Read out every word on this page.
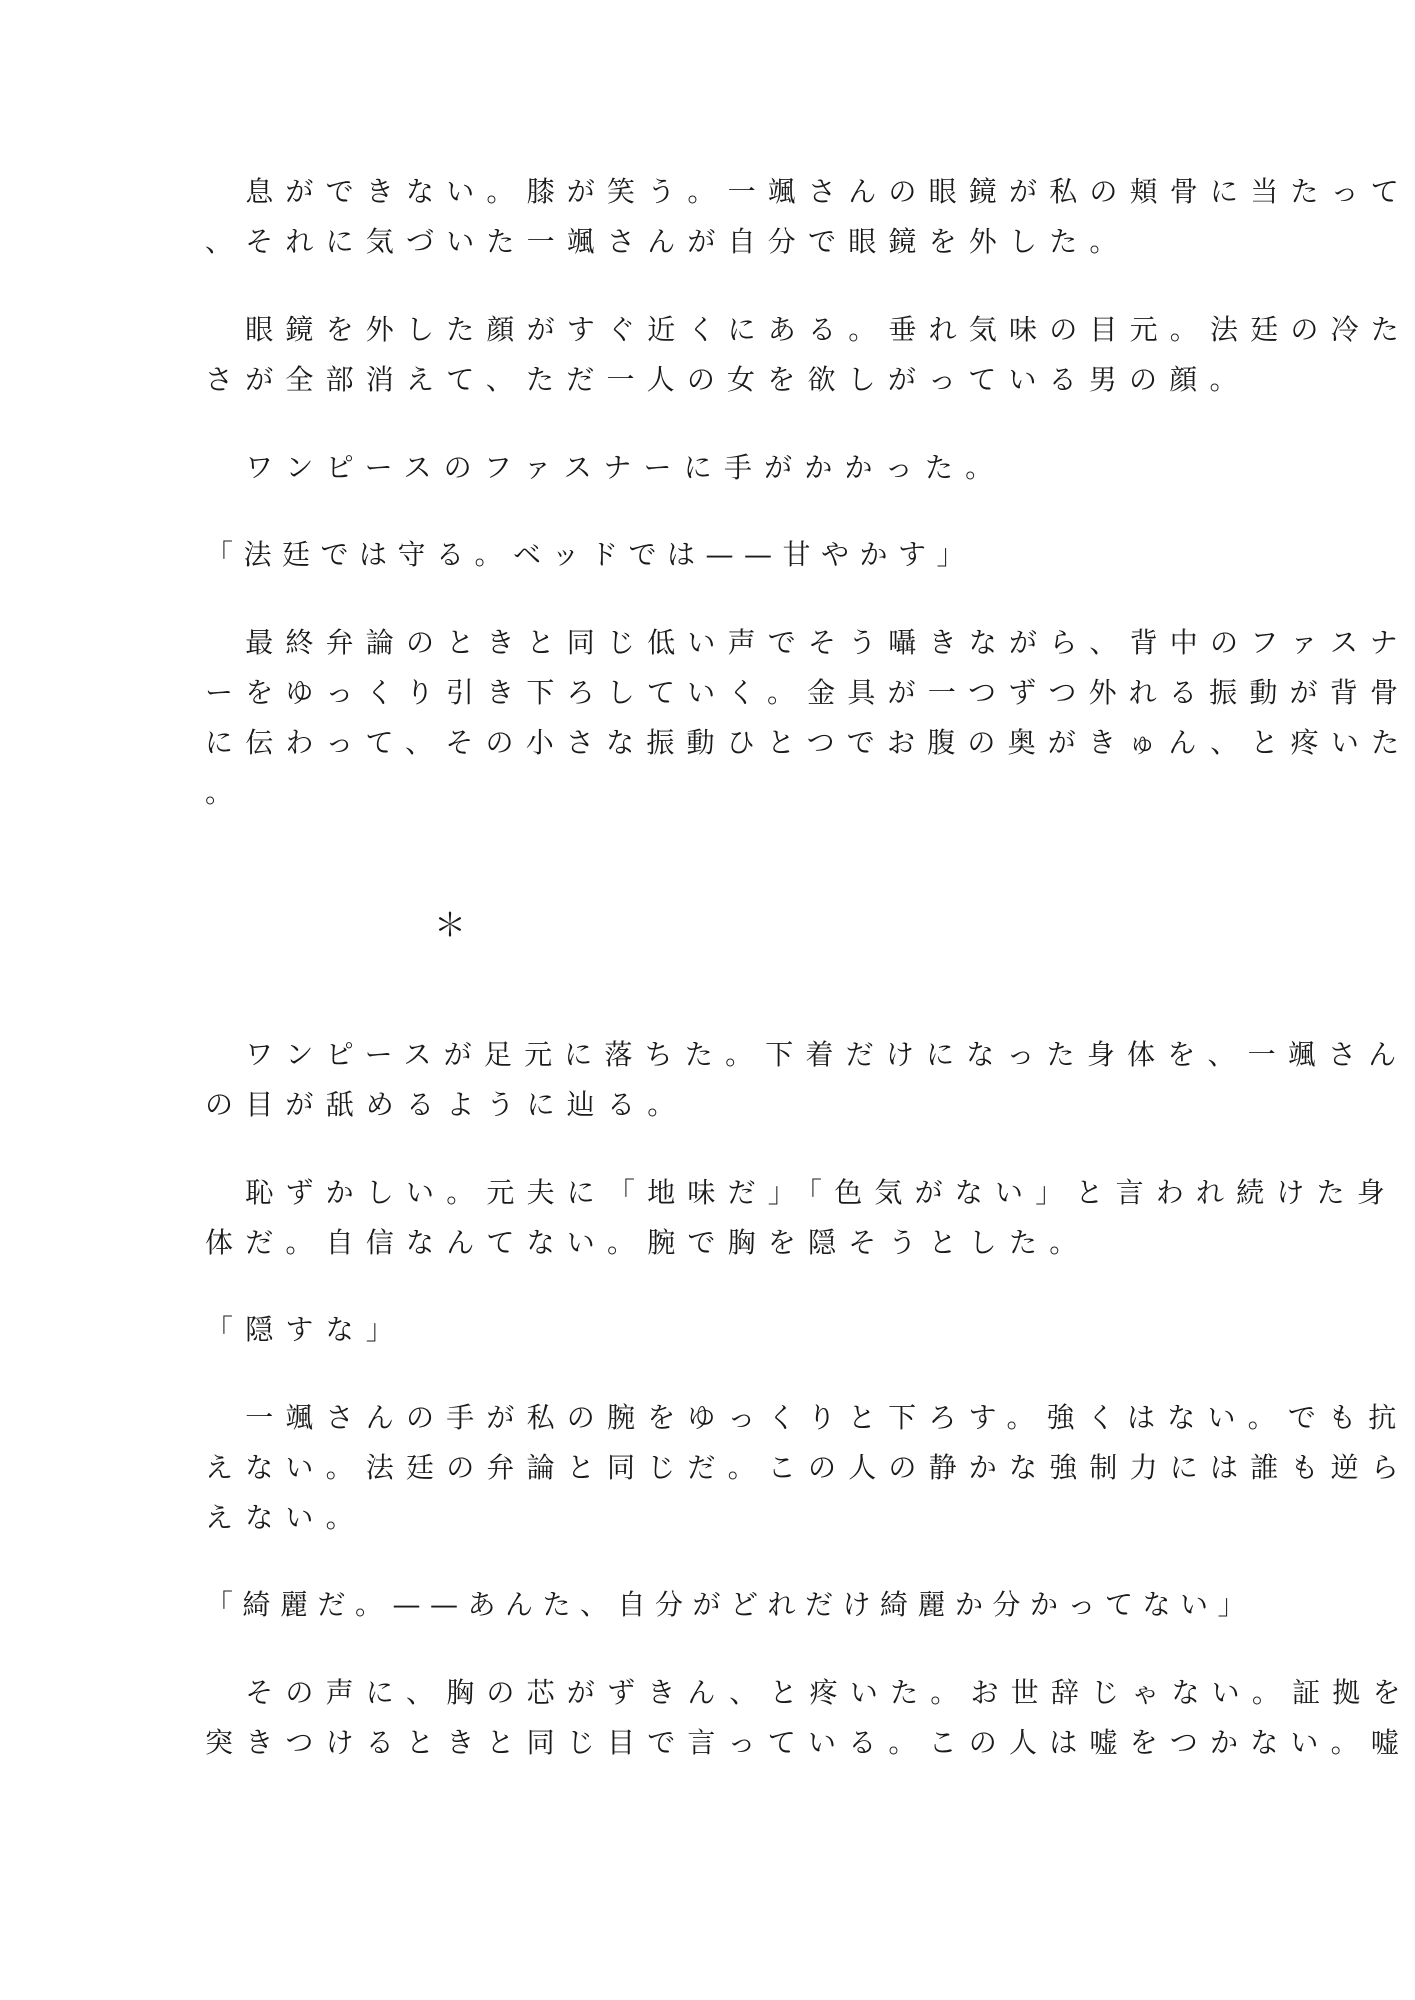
　息ができない。膝が笑う。一颯さんの眼鏡が私の頬骨に当たって
、それに気づいた一颯さんが自分で眼鏡を外した。
　眼鏡を外した顔がすぐ近くにある。垂れ気味の目元。法廷の冷た
さが全部消えて、ただ一人の女を欲しがっている男の顔。
　ワンピースのファスナーに手がかかった。
「法廷では守る。ベッドでは——甘やかす」
　最終弁論のときと同じ低い声でそう囁きながら、背中のファスナ
ーをゆっくり引き下ろしていく。金具が一つずつ外れる振動が背骨
に伝わって、その小さな振動ひとつでお腹の奥がきゅん、と疼いた
。
＊
　ワンピースが足元に落ちた。下着だけになった身体を、一颯さん
の目が舐めるように辿る。
　恥ずかしい。元夫に「地味だ」「色気がない」と言われ続けた身
体だ。自信なんてない。腕で胸を隠そうとした。
「隠すな」
　一颯さんの手が私の腕をゆっくりと下ろす。強くはない。でも抗
えない。法廷の弁論と同じだ。この人の静かな強制力には誰も逆ら
えない。
「綺麗だ。——あんた、自分がどれだけ綺麗か分かってない」
　その声に、胸の芯がずきん、と疼いた。お世辞じゃない。証拠を
突きつけるときと同じ目で言っている。この人は嘘をつかない。嘘
